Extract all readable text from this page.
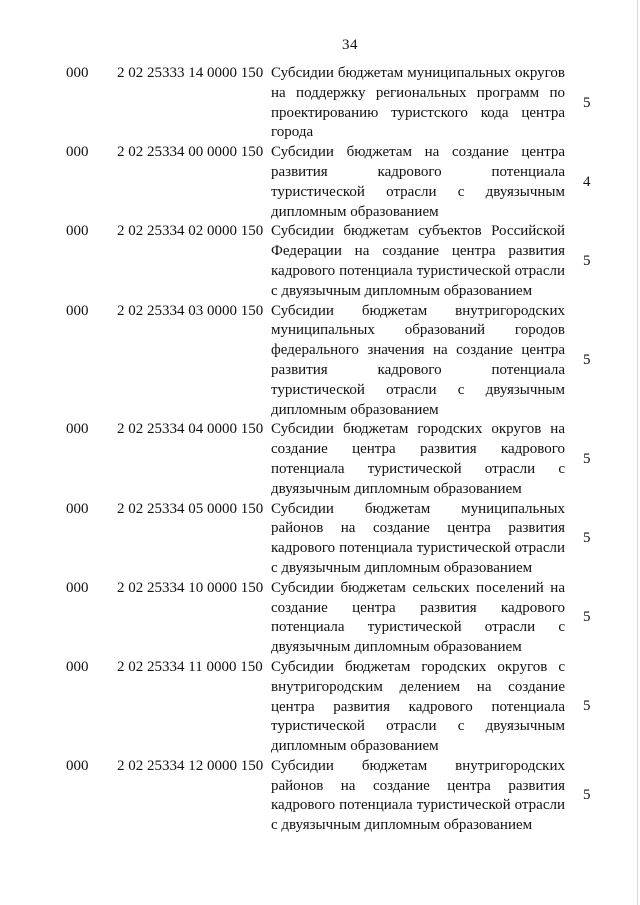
34
000 2 02 25333 14 0000 150 Субсидии бюджетам муниципальных округов на поддержку региональных программ по проектированию туристского кода центра города
5
000 2 02 25334 00 0000 150 Субсидии бюджетам на создание центра развития кадрового потенциала туристической отрасли с двуязычным дипломным образованием
4
000 2 02 25334 02 0000 150 Субсидии бюджетам субъектов Российской Федерации на создание центра развития кадрового потенциала туристической отрасли с двуязычным дипломным образованием
5
000 2 02 25334 03 0000 150 Субсидии бюджетам внутригородских муниципальных образований городов федерального значения на создание центра развития кадрового потенциала туристической отрасли с двуязычным дипломным образованием
5
000 2 02 25334 04 0000 150 Субсидии бюджетам городских округов на создание центра развития кадрового потенциала туристической отрасли с двуязычным дипломным образованием
5
000 2 02 25334 05 0000 150 Субсидии бюджетам муниципальных районов на создание центра развития кадрового потенциала туристической отрасли с двуязычным дипломным образованием
5
000 2 02 25334 10 0000 150 Субсидии бюджетам сельских поселений на создание центра развития кадрового потенциала туристической отрасли с двуязычным дипломным образованием
5
000 2 02 25334 11 0000 150 Субсидии бюджетам городских округов с внутригородским делением на создание центра развития кадрового потенциала туристической отрасли с двуязычным дипломным образованием
5
000 2 02 25334 12 0000 150 Субсидии бюджетам внутригородских районов на создание центра развития кадрового потенциала туристической отрасли с двуязычным дипломным образованием
5
